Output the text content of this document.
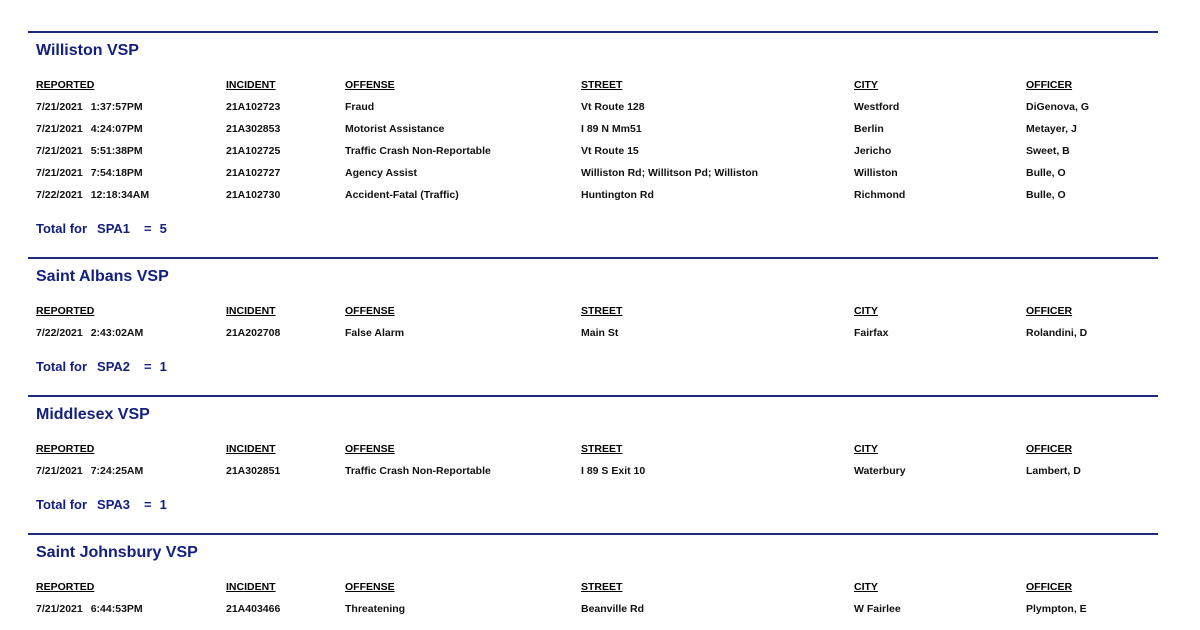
Williston VSP
REPORTED	INCIDENT	OFFENSE	STREET	CITY	OFFICER
7/21/2021 1:37:57PM	21A102723	Fraud	Vt Route 128	Westford	DiGenova, G
7/21/2021 4:24:07PM	21A302853	Motorist Assistance	I 89 N Mm51	Berlin	Metayer, J
7/21/2021 5:51:38PM	21A102725	Traffic Crash Non-Reportable	Vt Route 15	Jericho	Sweet, B
7/21/2021 7:54:18PM	21A102727	Agency Assist	Williston Rd; Willitson Pd; Williston	Williston	Bulle, O
7/22/2021 12:18:34AM	21A102730	Accident-Fatal (Traffic)	Huntington Rd	Richmond	Bulle, O
Total for SPA1 = 5
Saint Albans VSP
REPORTED	INCIDENT	OFFENSE	STREET	CITY	OFFICER
7/22/2021 2:43:02AM	21A202708	False Alarm	Main St	Fairfax	Rolandini, D
Total for SPA2 = 1
Middlesex VSP
REPORTED	INCIDENT	OFFENSE	STREET	CITY	OFFICER
7/21/2021 7:24:25AM	21A302851	Traffic Crash Non-Reportable	I 89 S Exit 10	Waterbury	Lambert, D
Total for SPA3 = 1
Saint Johnsbury VSP
REPORTED	INCIDENT	OFFENSE	STREET	CITY	OFFICER
7/21/2021 6:44:53PM	21A403466	Threatening	Beanville Rd	W Fairlee	Plympton, E
